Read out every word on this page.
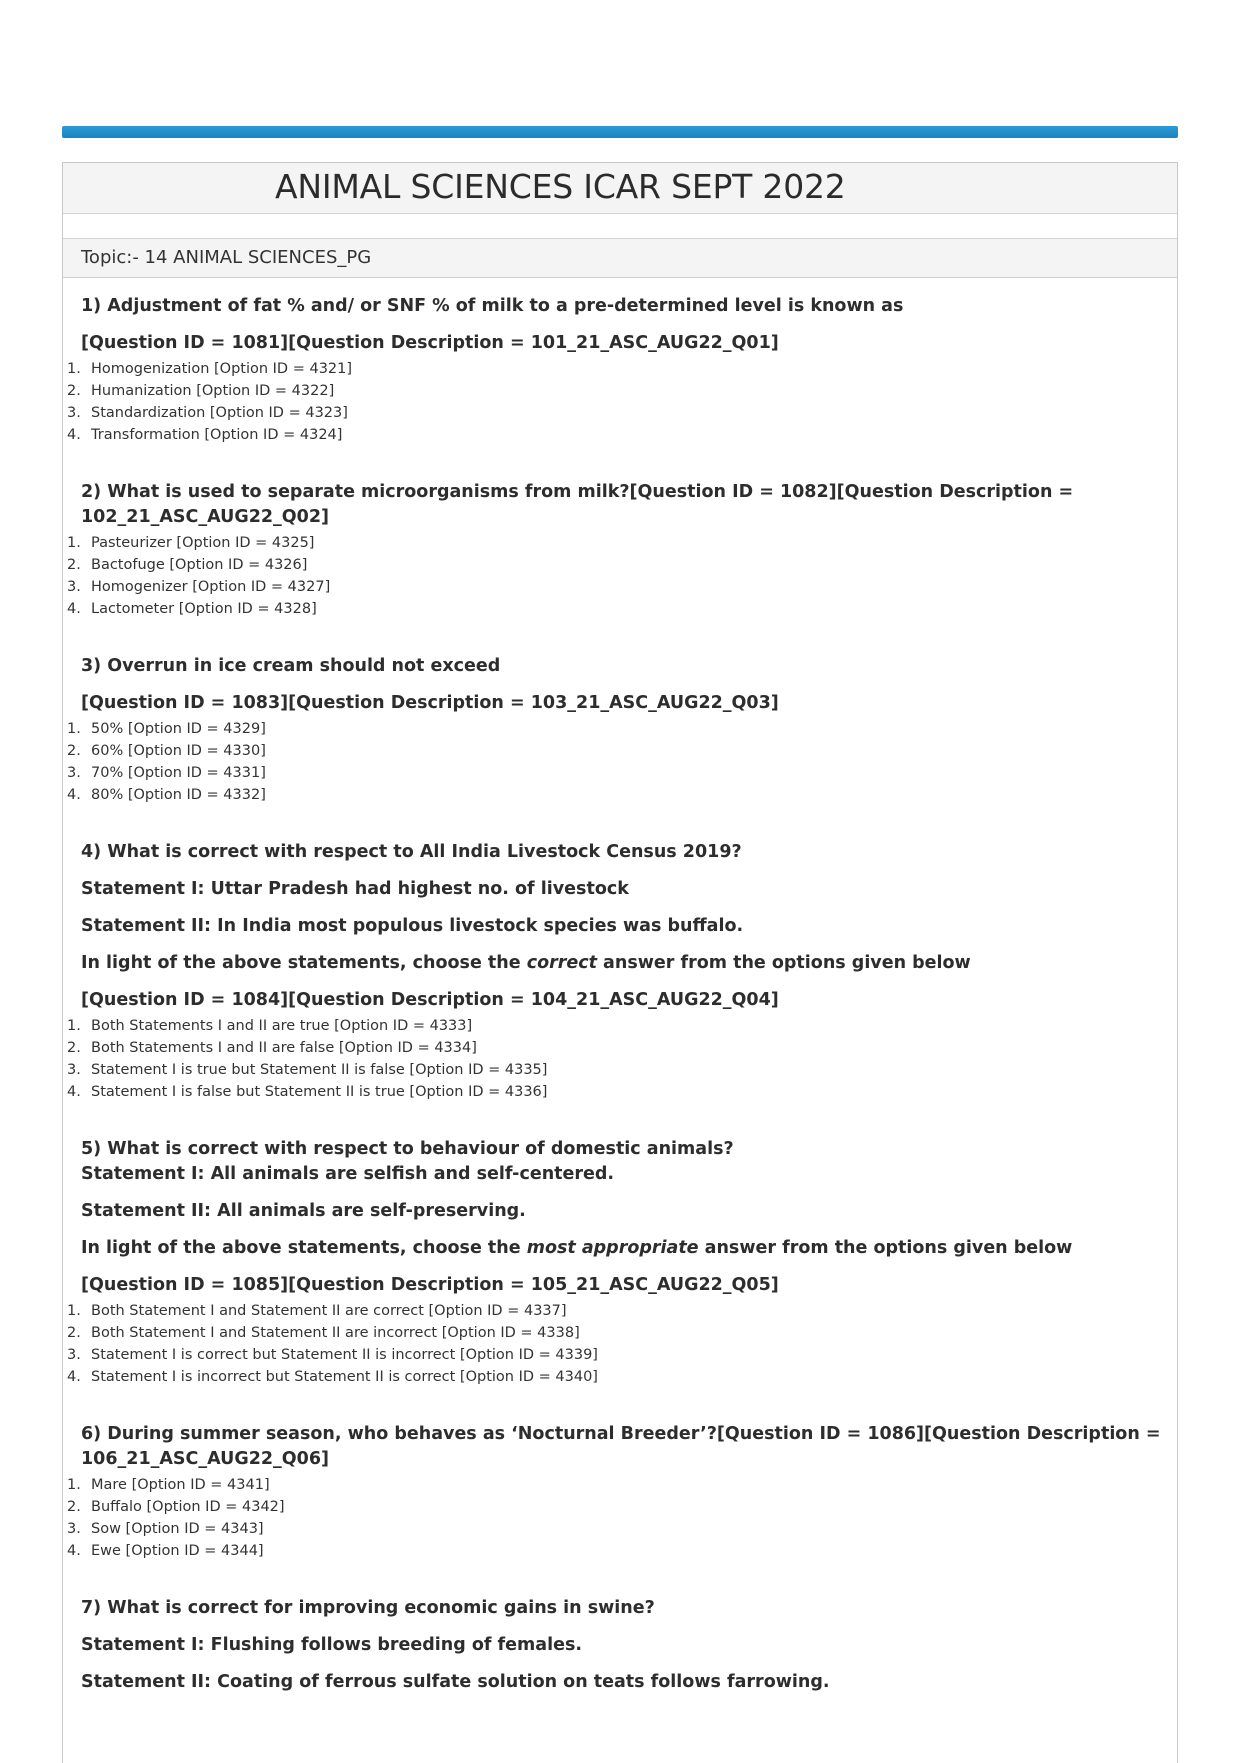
ANIMAL SCIENCES ICAR SEPT 2022
Topic:- 14 ANIMAL SCIENCES_PG

1) Adjustment of fat % and/ or SNF % of milk to a pre-determined level is known as

[Question ID = 1081][Question Description = 101_21_ASC_AUG22_Q01]

1. Homogenization [Option ID = 4321]
2. Humanization [Option ID = 4322]
3. Standardization [Option ID = 4323]
4. Transformation [Option ID = 4324]

2) What is used to separate microorganisms from milk?[Question ID = 1082][Question Description =

102_21_ASC_AUG22_Q02]

1. Pasteurizer [Option ID = 4325]
2. Bactofuge [Option ID = 4326]
3. Homogenizer [Option ID = 4327]
4. Lactometer [Option ID = 4328]

3) Overrun in ice cream should not exceed

[Question ID = 1083][Question Description = 103_21_ASC_AUG22_Q03]

1. 50% [Option ID = 4329]
2. 60% [Option ID = 4330]
3. 70% [Option ID = 4331]
4. 80% [Option ID = 4332]

4) What is correct with respect to All India Livestock Census 2019?

Statement I: Uttar Pradesh had highest no. of livestock

Statement II: In India most populous livestock species was buffalo.

In light of the above statements, choose the correct answer from the options given below

[Question ID = 1084][Question Description = 104_21_ASC_AUG22_Q04]

1. Both Statements I and II are true [Option ID = 4333]
2. Both Statements I and II are false [Option ID = 4334]
3. Statement I is true but Statement II is false [Option ID = 4335]
4. Statement I is false but Statement II is true [Option ID = 4336]

5) What is correct with respect to behaviour of domestic animals?

Statement I: All animals are selfish and self-centered.

Statement II: All animals are self-preserving.

In light of the above statements, choose the most appropriate answer from the options given below

[Question ID = 1085][Question Description = 105_21_ASC_AUG22_Q05]

1. Both Statement I and Statement II are correct [Option ID = 4337]
2. Both Statement I and Statement II are incorrect [Option ID = 4338]
3. Statement I is correct but Statement II is incorrect [Option ID = 4339]
4. Statement I is incorrect but Statement II is correct [Option ID = 4340]

6) During summer season, who behaves as ‘Nocturnal Breeder’?[Question ID = 1086][Question Description =

106_21_ASC_AUG22_Q06]

1. Mare [Option ID = 4341]
2. Buffalo [Option ID = 4342]
3. Sow [Option ID = 4343]
4. Ewe [Option ID = 4344]

7) What is correct for improving economic gains in swine?

Statement I: Flushing follows breeding of females.

Statement II: Coating of ferrous sulfate solution on teats follows farrowing.
